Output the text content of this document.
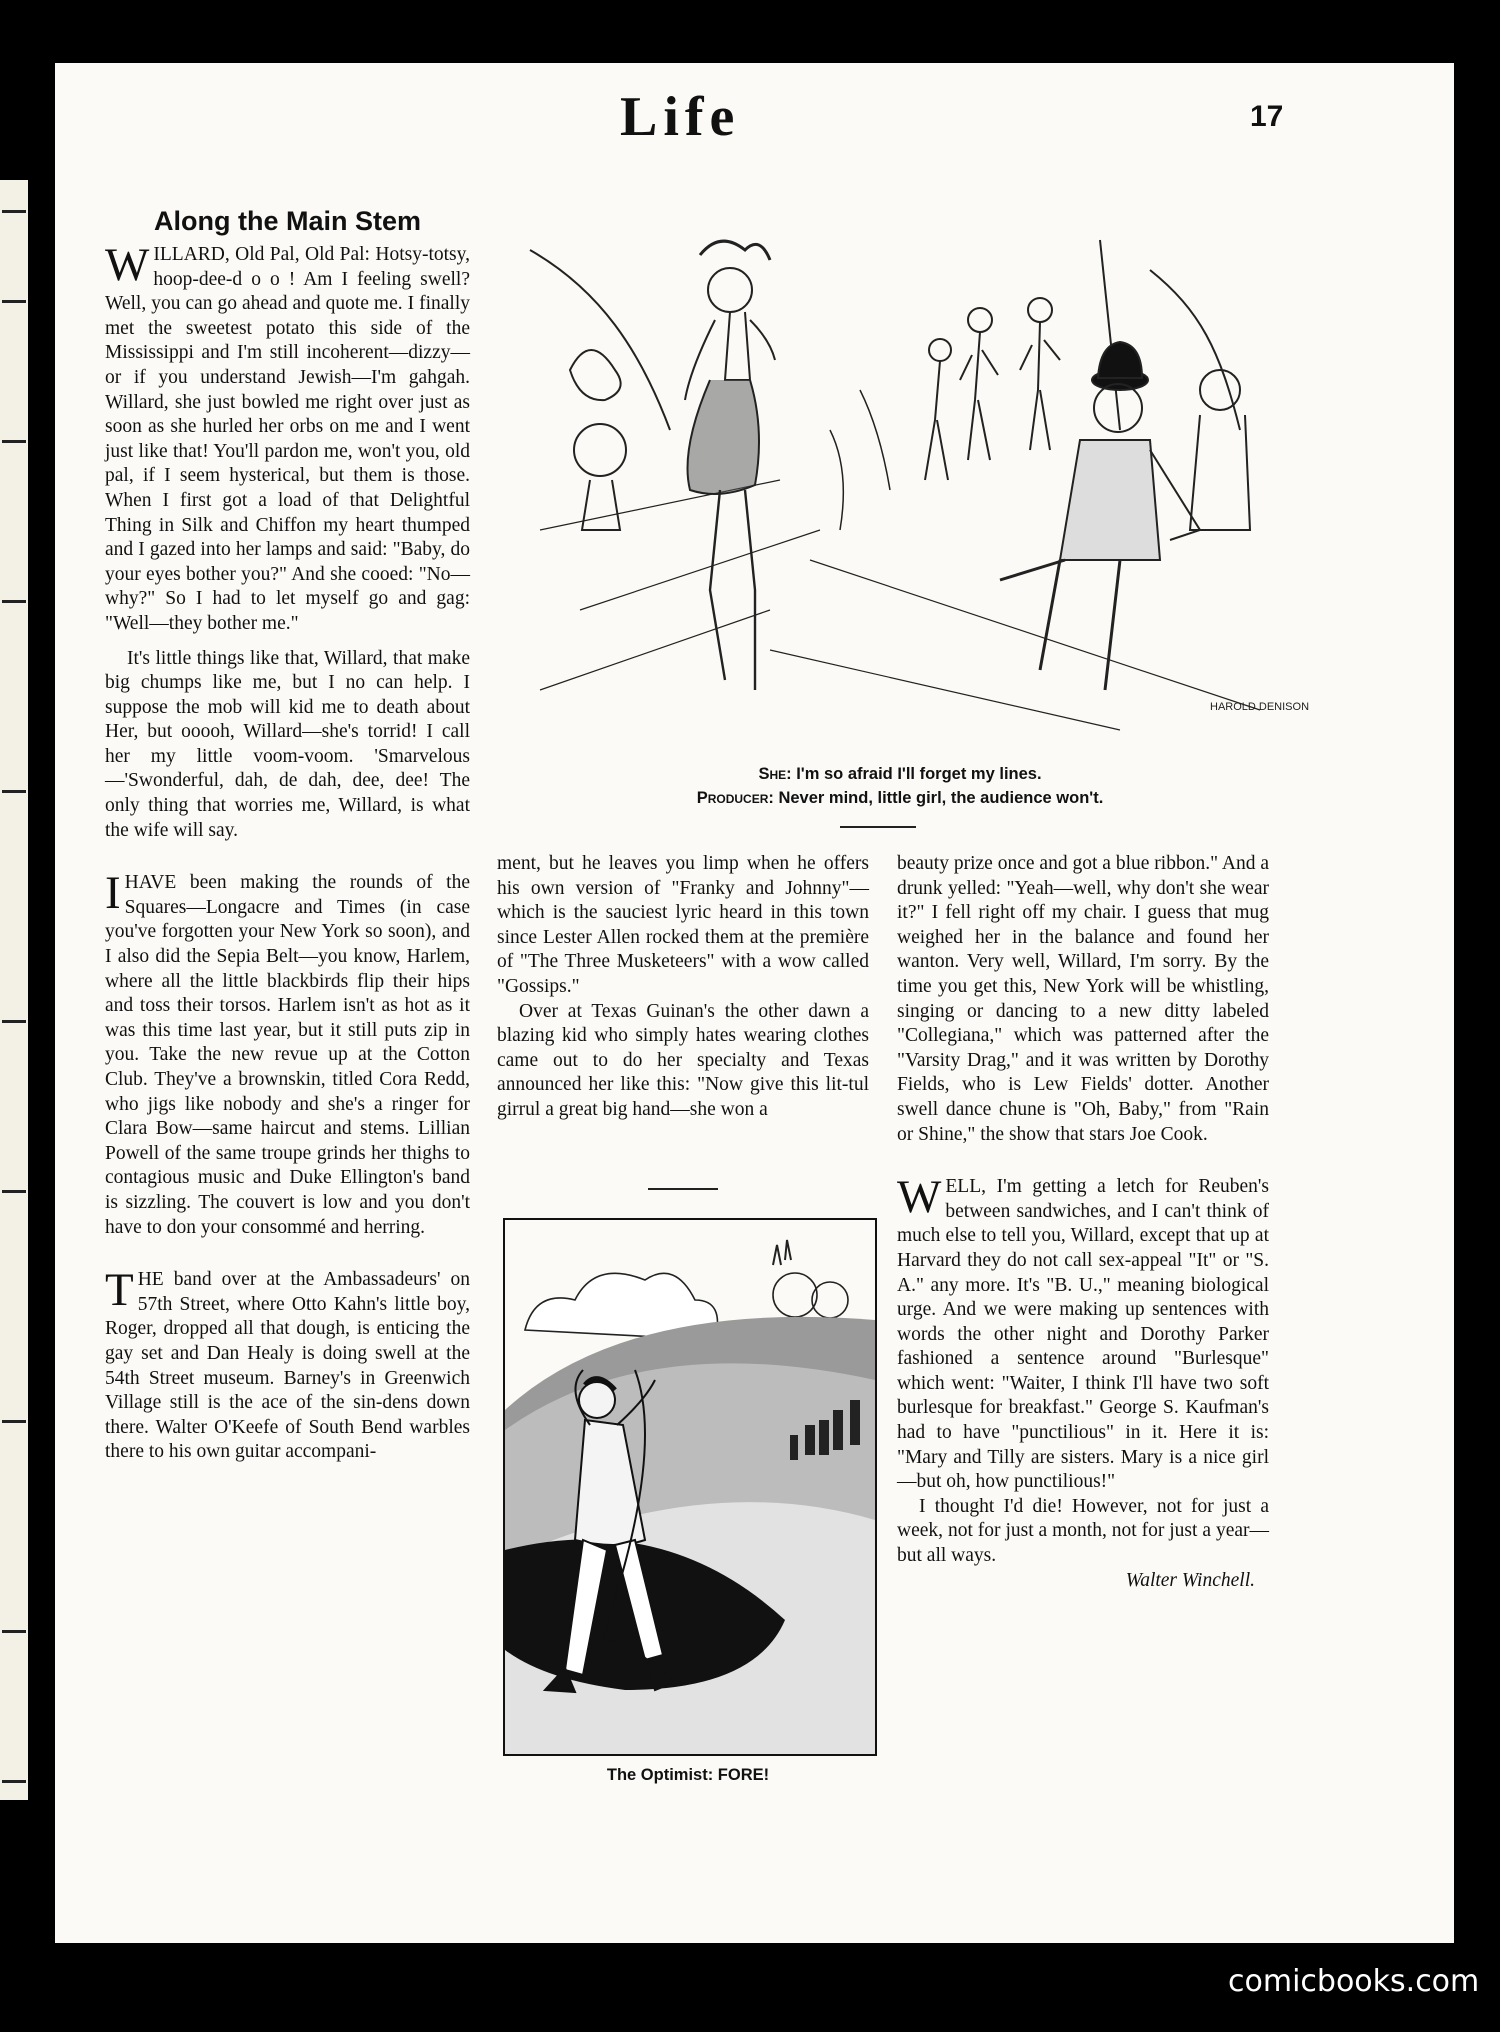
Life	17
Along the Main Stem

WILLARD, Old Pal, Old Pal: Hotsy-totsy, hoop-dee-d o o ! Am I feeling swell? Well, you can go ahead and quote me. I finally met the sweetest potato this side of the Mississippi and I'm still incoherent—dizzy—or if you understand Jewish—I'm gahgah. Willard, she just bowled me right over just as soon as she hurled her orbs on me and I went just like that! You'll pardon me, won't you, old pal, if I seem hysterical, but them is those. When I first got a load of that Delightful Thing in Silk and Chiffon my heart thumped and I gazed into her lamps and said: "Baby, do your eyes bother you?" And she cooed: "No—why?" So I had to let myself go and gag: "Well—they bother me."

It's little things like that, Willard, that make big chumps like me, but I no can help. I suppose the mob will kid me to death about Her, but ooooh, Willard—she's torrid! I call her my little voom-voom. 'Smarvelous—'Swonderful, dah, de dah, dee, dee! The only thing that worries me, Willard, is what the wife will say.

IHAVE been making the rounds of the Squares—Longacre and Times (in case you've forgotten your New York so soon), and I also did the Sepia Belt—you know, Harlem, where all the little blackbirds flip their hips and toss their torsos. Harlem isn't as hot as it was this time last year, but it still puts zip in you. Take the new revue up at the Cotton Club. They've a brownskin, titled Cora Redd, who jigs like nobody and she's a ringer for Clara Bow—same haircut and stems. Lillian Powell of the same troupe grinds her thighs to contagious music and Duke Ellington's band is sizzling. The couvert is low and you don't have to don your consommé and herring.

THE band over at the Ambassadeurs' on 57th Street, where Otto Kahn's little boy, Roger, dropped all that dough, is enticing the gay set and Dan Healy is doing swell at the 54th Street museum. Barney's in Greenwich Village still is the ace of the sin-dens down there. Walter O'Keefe of South Bend warbles there to his own guitar accompani-

HAROLD DENISON
She: I'm so afraid I'll forget my lines.
Producer: Never mind, little girl, the audience won't.

ment, but he leaves you limp when he offers his own version of "Franky and Johnny"—which is the sauciest lyric heard in this town since Lester Allen rocked them at the première of "The Three Musketeers" with a wow called "Gossips."

Over at Texas Guinan's the other dawn a blazing kid who simply hates wearing clothes came out to do her specialty and Texas announced her like this: "Now give this lit-tul girrul a great big hand—she won a

The Optimist: FORE!

beauty prize once and got a blue ribbon." And a drunk yelled: "Yeah—well, why don't she wear it?" I fell right off my chair. I guess that mug weighed her in the balance and found her wanton. Very well, Willard, I'm sorry. By the time you get this, New York will be whistling, singing or dancing to a new ditty labeled "Collegiana," which was patterned after the "Varsity Drag," and it was written by Dorothy Fields, who is Lew Fields' dotter. Another swell dance chune is "Oh, Baby," from "Rain or Shine," the show that stars Joe Cook.

WELL, I'm getting a letch for Reuben's between sandwiches, and I can't think of much else to tell you, Willard, except that up at Harvard they do not call sex-appeal "It" or "S. A." any more. It's "B. U.," meaning biological urge. And we were making up sentences with words the other night and Dorothy Parker fashioned a sentence around "Burlesque" which went: "Waiter, I think I'll have two soft burlesque for breakfast." George S. Kaufman's had to have "punctilious" in it. Here it is: "Mary and Tilly are sisters. Mary is a nice girl—but oh, how punctilious!"

I thought I'd die! However, not for just a week, not for just a month, not for just a year—but all ways.

Walter Winchell.

comicbooks.com
